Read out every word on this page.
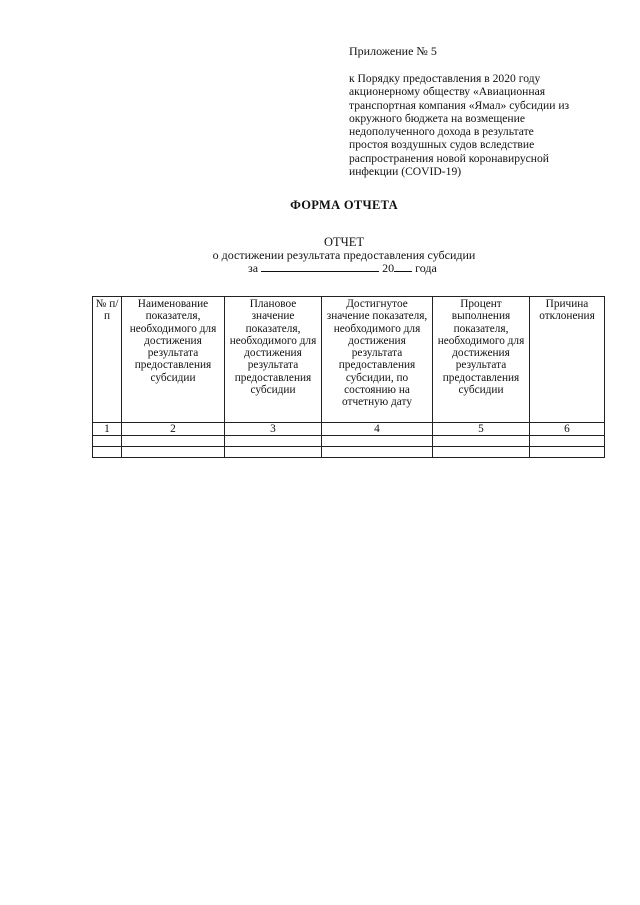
Приложение № 5
к Порядку предоставления в 2020 году
акционерному обществу «Авиационная
транспортная компания «Ямал» субсидии из
окружного бюджета на возмещение
недополученного дохода в результате
простоя воздушных судов вследствие
распространения новой коронавирусной
инфекции (COVID-19)
ФОРМА ОТЧЕТА
ОТЧЕТ
о достижении результата предоставления субсидии
за	20 года
№ п/п	Наименование показателя, необходимого для достижения результата предоставления субсидии	Плановое значение показателя, необходимого для достижения результата предоставления субсидии	Достигнутое значение показателя, необходимого для достижения результата предоставления субсидии, по состоянию на отчетную дату	Процент выполнения показателя, необходимого для достижения результата предоставления субсидии	Причина отклонения
1	2	3	4	5	6
